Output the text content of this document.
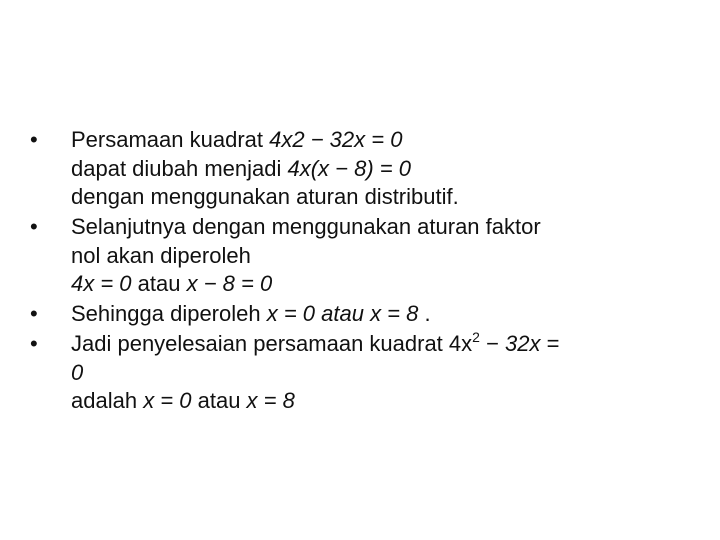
• Persamaan kuadrat 4x2 − 32x = 0
dapat diubah menjadi 4x(x − 8) = 0
dengan menggunakan aturan distributif.
• Selanjutnya dengan menggunakan aturan faktor
nol akan diperoleh
4x = 0 atau x − 8 = 0
• Sehingga diperoleh x = 0 atau x = 8 .
• Jadi penyelesaian persamaan kuadrat $4x^2 - 32x$ =
0
adalah x = 0 atau x = 8
